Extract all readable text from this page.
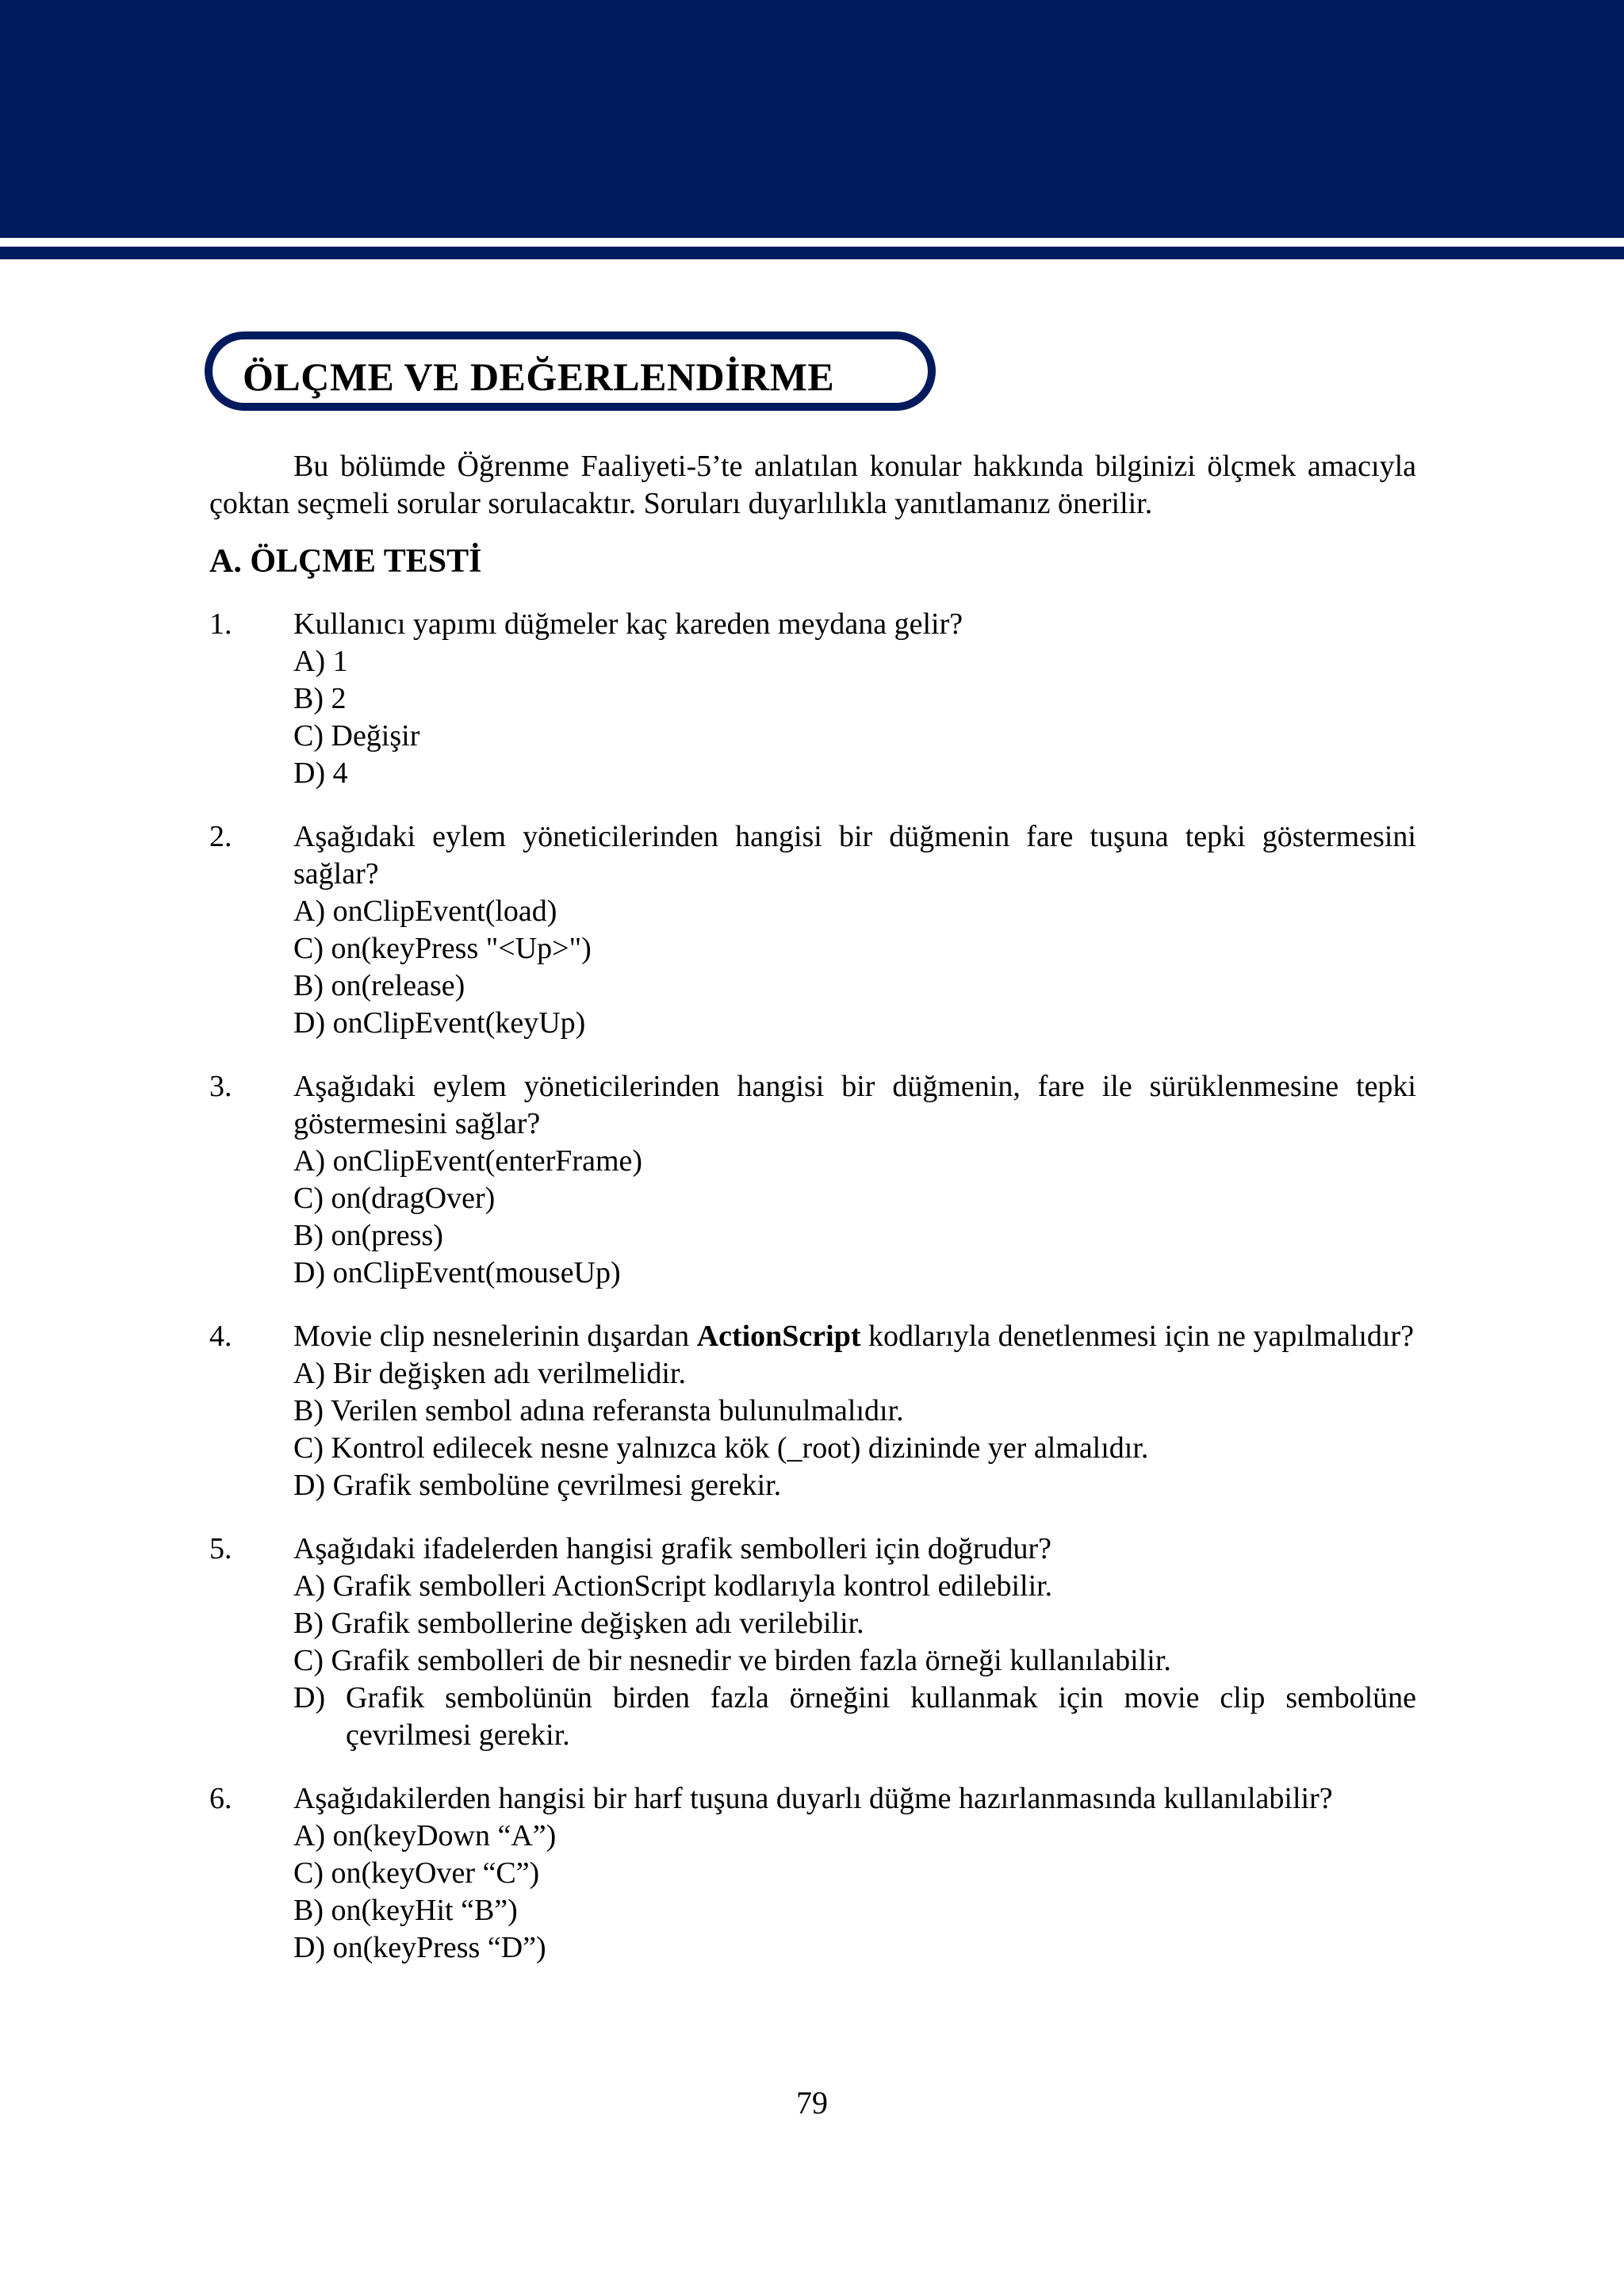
ÖLÇME VE DEĞERLENDİRME

Bu bölümde Öğrenme Faaliyeti-5’te anlatılan konular hakkında bilginizi ölçmek amacıyla çoktan seçmeli sorular sorulacaktır. Soruları duyarlılıkla yanıtlamanız önerilir.

A. ÖLÇME TESTİ
1.	Kullanıcı yapımı düğmeler kaç kareden meydana gelir?
A) 1
B) 2
C) Değişir
D) 4
2.	Aşağıdaki eylem yöneticilerinden hangisi bir düğmenin fare tuşuna tepki göstermesini sağlar?
A) onClipEvent(load)
C) on(keyPress "<Up>")
B) on(release)
D) onClipEvent(keyUp)
3.	Aşağıdaki eylem yöneticilerinden hangisi bir düğmenin, fare ile sürüklenmesine tepki göstermesini sağlar?
A) onClipEvent(enterFrame)
C) on(dragOver)
B) on(press)
D) onClipEvent(mouseUp)
4.	Movie clip nesnelerinin dışardan ActionScript kodlarıyla denetlenmesi için ne yapılmalıdır?
A) Bir değişken adı verilmelidir.
B) Verilen sembol adına referansta bulunulmalıdır.
C) Kontrol edilecek nesne yalnızca kök (_root) dizininde yer almalıdır.
D) Grafik sembolüne çevrilmesi gerekir.
5.	Aşağıdaki ifadelerden hangisi grafik sembolleri için doğrudur?
A) Grafik sembolleri ActionScript kodlarıyla kontrol edilebilir.
B) Grafik sembollerine değişken adı verilebilir.
C) Grafik sembolleri de bir nesnedir ve birden fazla örneği kullanılabilir.
D) Grafik sembolünün birden fazla örneğini kullanmak için movie clip sembolüne çevrilmesi gerekir.
6.	Aşağıdakilerden hangisi bir harf tuşuna duyarlı düğme hazırlanmasında kullanılabilir?
A) on(keyDown “A”)
C) on(keyOver “C”)
B) on(keyHit “B”)
D) on(keyPress “D”)
79
